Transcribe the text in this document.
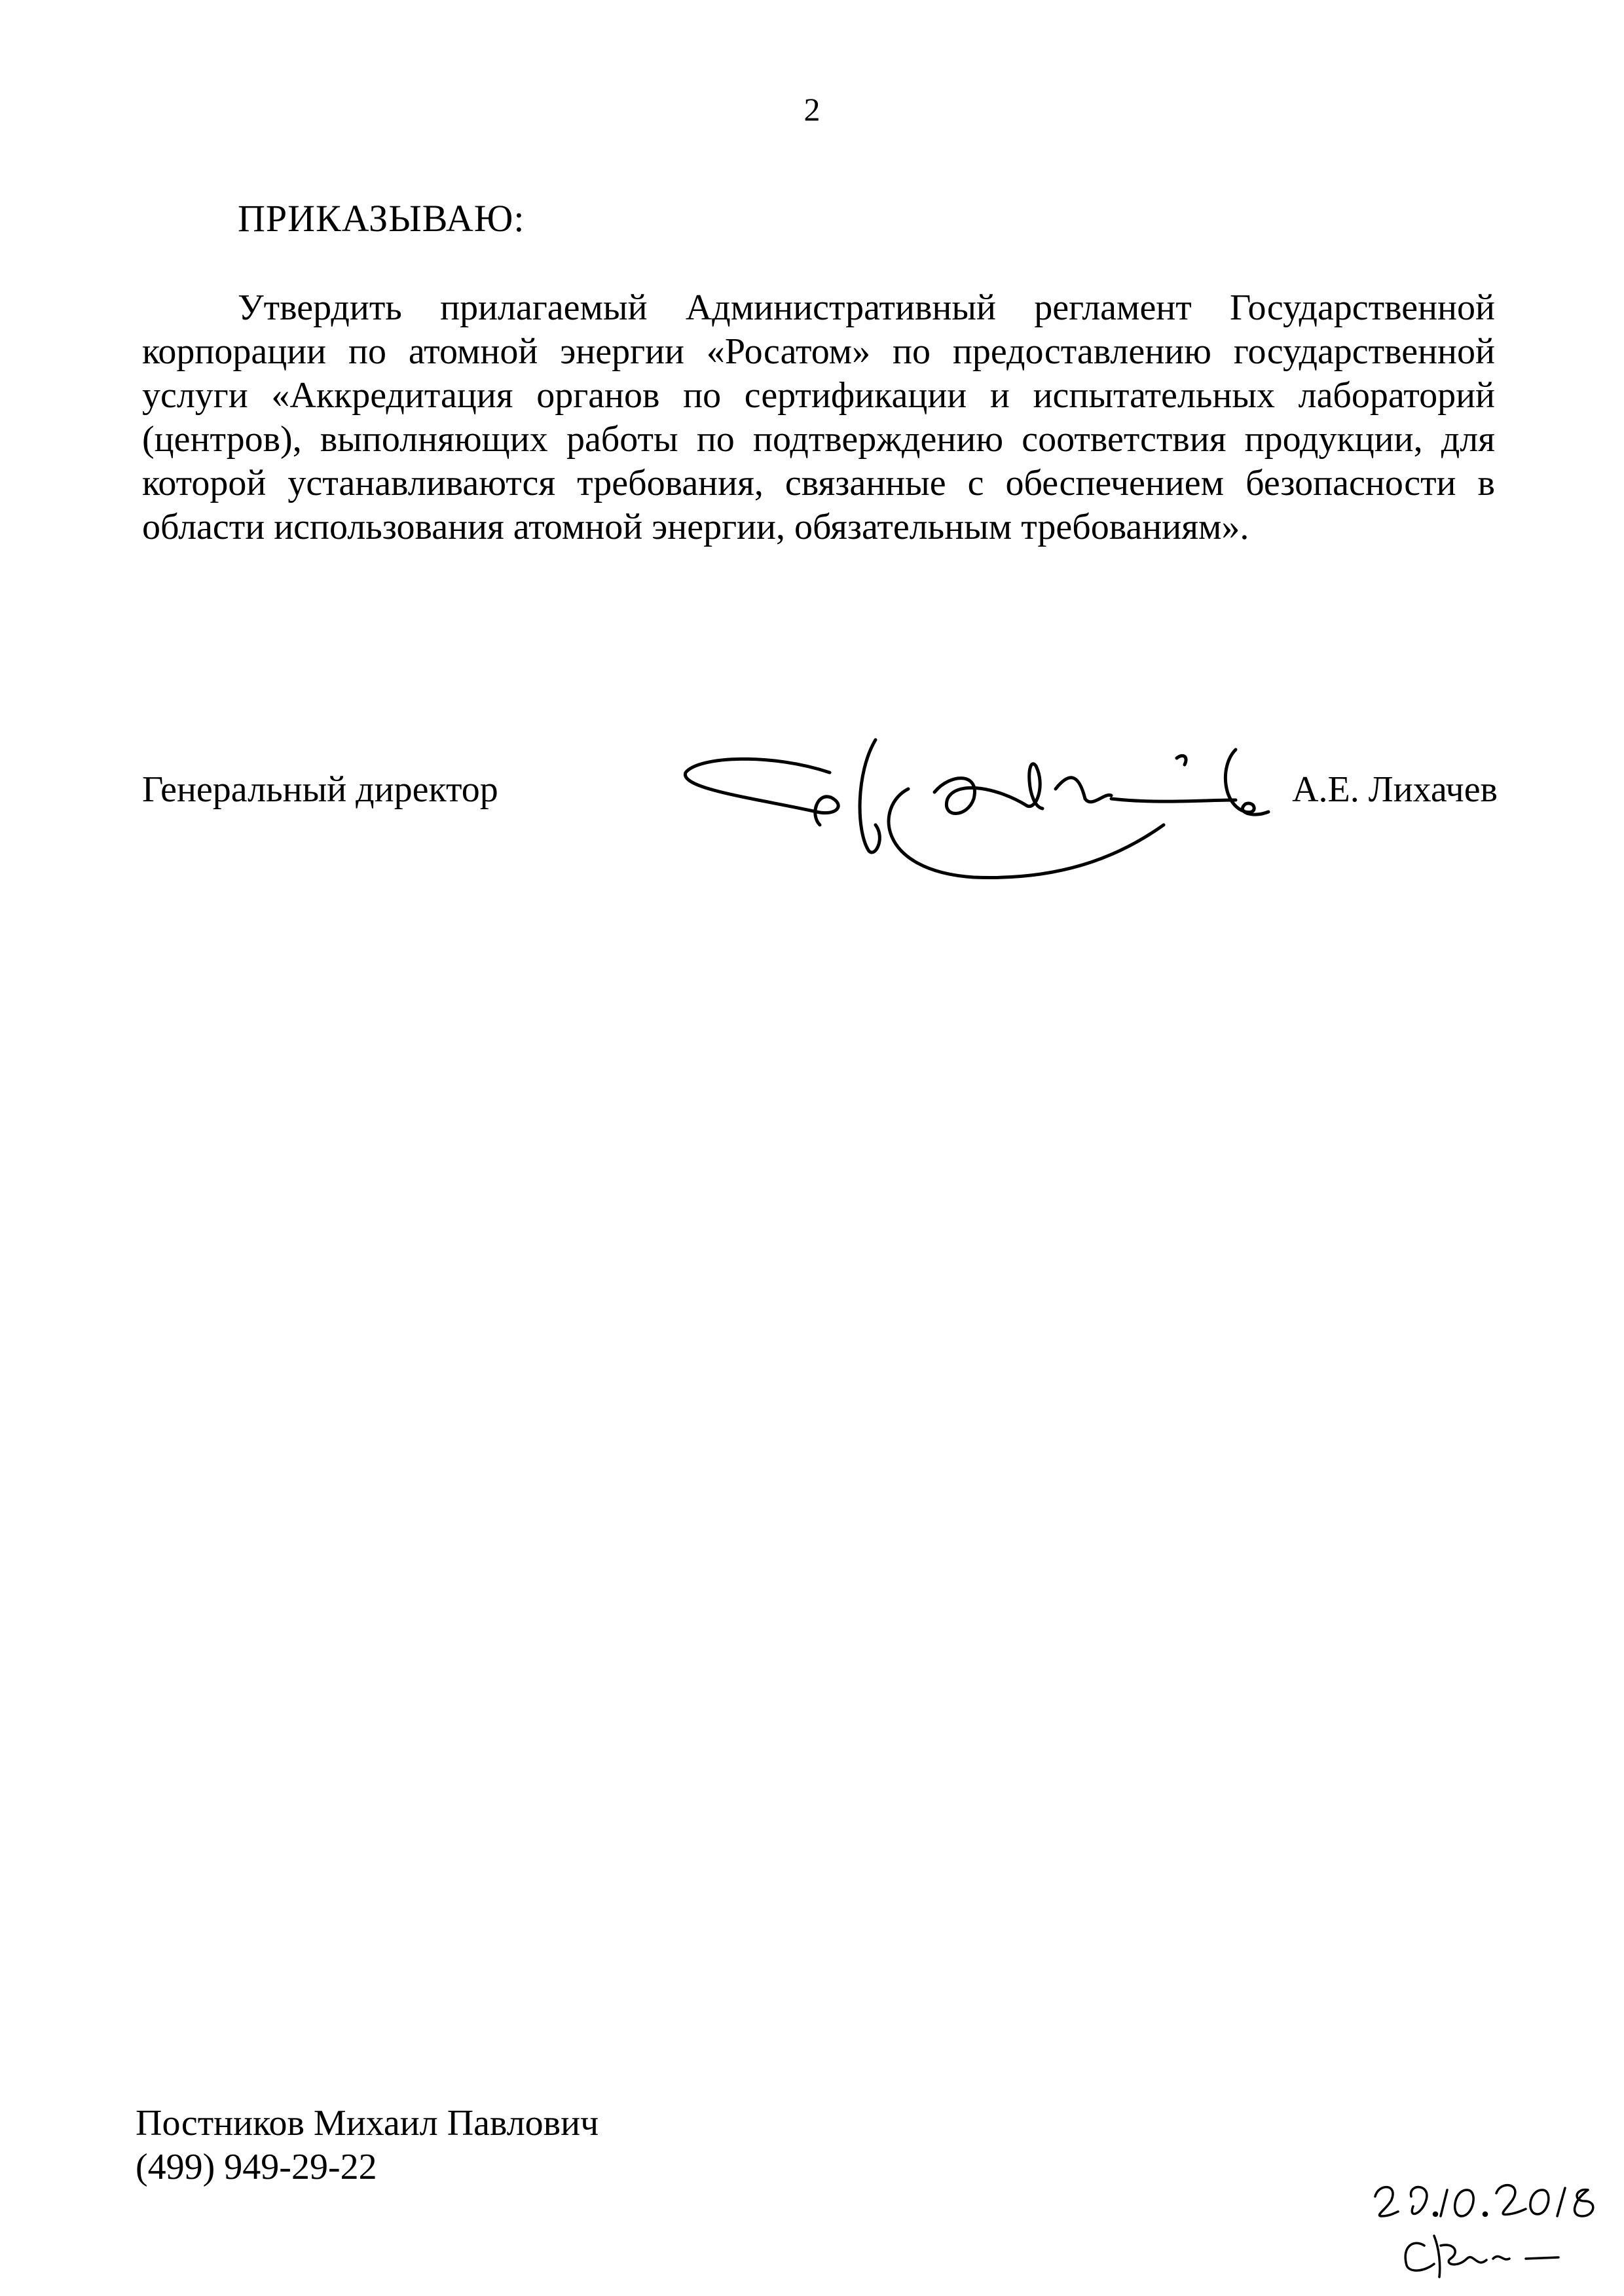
2
ПРИКАЗЫВАЮ:

Утвердить прилагаемый Административный регламент Государственной корпорации по атомной энергии «Росатом» по предоставлению государственной услуги «Аккредитация органов по сертификации и испытательных лабораторий (центров), выполняющих работы по подтверждению соответствия продукции, для которой устанавливаются требования, связанные с обеспечением безопасности в области использования атомной энергии, обязательным требованиям».

Генеральный директор	А.Е. Лихачев
Постников Михаил Павлович
(499) 949-29-22
